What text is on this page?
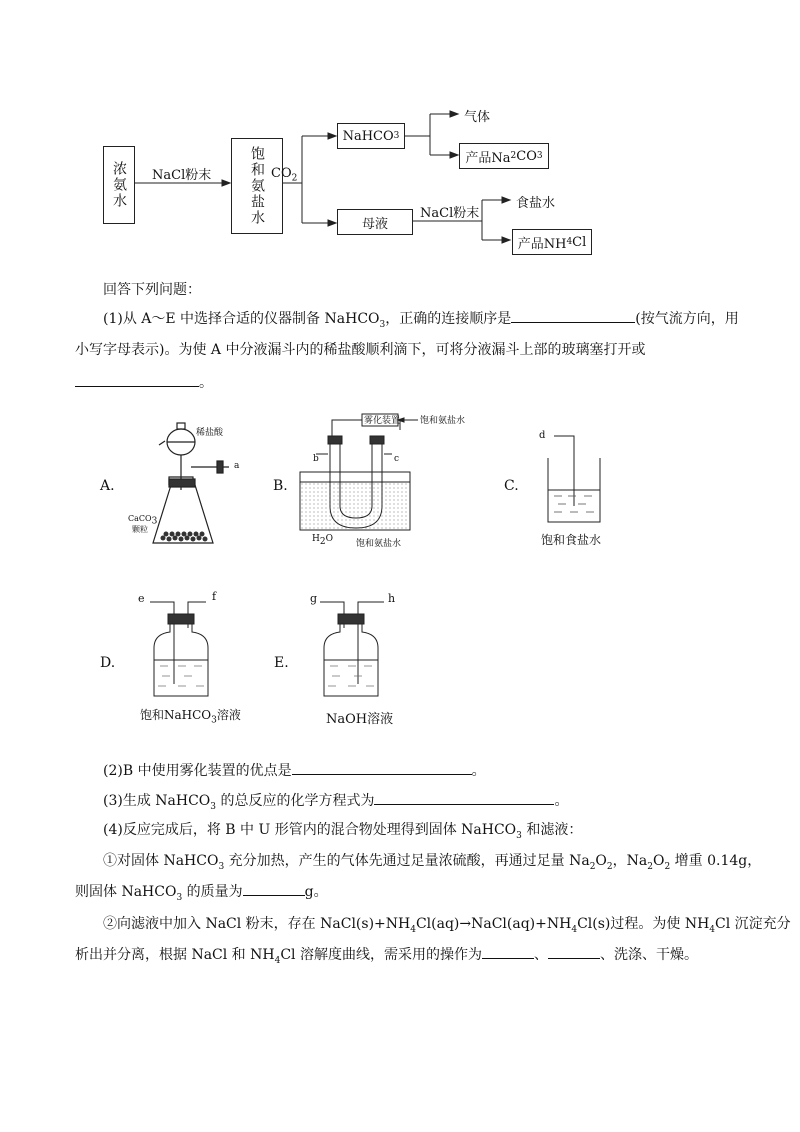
浓氨水 NaCl粉末	饱和氨盐水 $CO_2$
NaHCO 3
气体
产品Na 2 CO 3
母液
NaCl粉末
食盐水
产品NH 4 Cl
回答下列问题：
(1)从 A～E 中选择合适的仪器制备 NaHCO$_3$，正确的连接顺序是	(按气流方向，用
小写字母表示)。为使 A 中分液漏斗内的稀盐酸顺利滴下，可将分液漏斗上部的玻璃塞打开或
。
A.
稀盐酸
a
CaCO$_3$
颗粒
B.
雾化装置 饱和氨盐水
b	c
$H_2O$	饱和氨盐水
C.
d
饱和食盐水
D.
e	f
饱和NaHCO$_3$溶液
E.
g	h
NaOH溶液
(2)B 中使用雾化装置的优点是	。
(3)生成 NaHCO$_3$ 的总反应的化学方程式为	。
(4)反应完成后，将 B 中 U 形管内的混合物处理得到固体 NaHCO$_3$ 和滤液：
①对固体 NaHCO$_3$ 充分加热，产生的气体先通过足量浓硫酸，再通过足量 $Na_2O_2$，$Na_2O_2$ 增重 0.14g，
则固体 NaHCO$_3$ 的质量为	g。
②向滤液中加入 NaCl 粉末，存在 $NaCl(s)+NH_4Cl(aq)\to NaCl(aq)+NH_4Cl(s)$过程。为使 $NH_4Cl$ 沉淀充分
析出并分离，根据 NaCl 和 $NH_4Cl$ 溶解度曲线，需采用的操作为	、	、洗涤、干燥。
